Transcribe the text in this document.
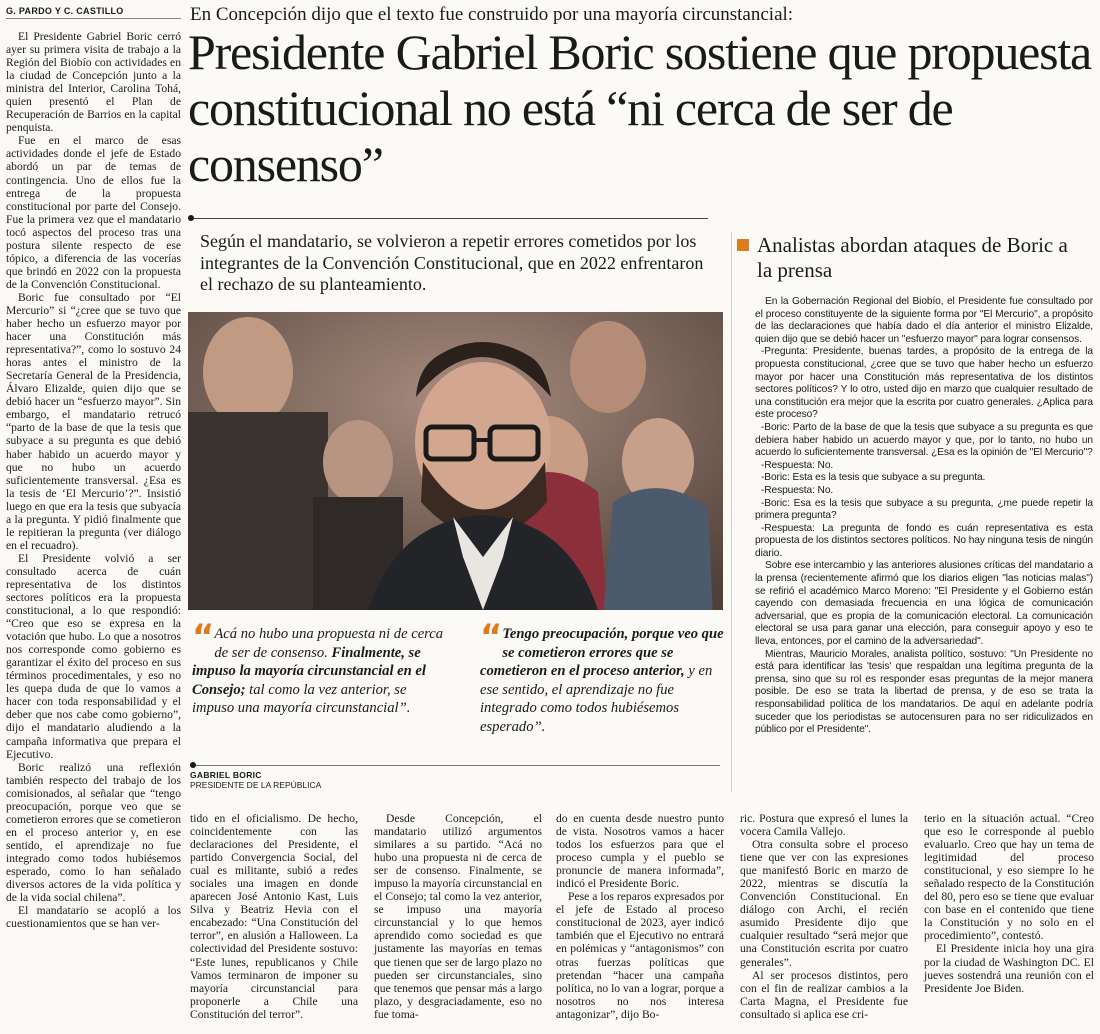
G. PARDO Y C. CASTILLO

El Presidente Gabriel Boric cerró ayer su primera visita de trabajo a la Región del Biobío con actividades en la ciudad de Concepción junto a la ministra del Interior, Carolina Tohá, quien presentó el Plan de Recuperación de Barrios en la capital penquista.

Fue en el marco de esas actividades donde el jefe de Estado abordó un par de temas de contingencia. Uno de ellos fue la entrega de la propuesta constitucional por parte del Consejo. Fue la primera vez que el mandatario tocó aspectos del proceso tras una postura silente respecto de ese tópico, a diferencia de las vocerías que brindó en 2022 con la propuesta de la Convención Constitucional.

Boric fue consultado por “El Mercurio” si “¿cree que se tuvo que haber hecho un esfuerzo mayor por hacer una Constitución más representativa?”, como lo sostuvo 24 horas antes el ministro de la Secretaría General de la Presidencia, Álvaro Elizalde, quien dijo que se debió hacer un “esfuerzo mayor”. Sin embargo, el mandatario retrucó “parto de la base de que la tesis que subyace a su pregunta es que debió haber habido un acuerdo mayor y que no hubo un acuerdo suficientemente transversal. ¿Esa es la tesis de ‘El Mercurio’?”. Insistió luego en que era la tesis que subyacía a la pregunta. Y pidió finalmente que le repitieran la pregunta (ver diálogo en el recuadro).

El Presidente volvió a ser consultado acerca de cuán representativa de los distintos sectores políticos era la propuesta constitucional, a lo que respondió: “Creo que eso se expresa en la votación que hubo. Lo que a nosotros nos corresponde como gobierno es garantizar el éxito del proceso en sus términos procedimentales, y eso no les quepa duda de que lo vamos a hacer con toda responsabilidad y el deber que nos cabe como gobierno”, dijo el mandatario aludiendo a la campaña informativa que prepara el Ejecutivo.

Boric realizó una reflexión también respecto del trabajo de los comisionados, al señalar que “tengo preocupación, porque veo que se cometieron errores que se cometieron en el proceso anterior y, en ese sentido, el aprendizaje no fue integrado como todos hubiésemos esperado, como lo han señalado diversos actores de la vida política y de la vida social chilena”.

El mandatario se acopló a los cuestionamientos que se han ver-

En Concepción dijo que el texto fue construido por una mayoría circunstancial:
Presidente Gabriel Boric sostiene que propuesta constitucional no está “ni cerca de ser de consenso”
Según el mandatario, se volvieron a repetir errores cometidos por los integrantes de la Convención Constitucional, que en 2022 enfrentaron el rechazo de su planteamiento.
“ Acá no hubo una propuesta ni de cerca de ser de consenso. Finalmente, se impuso la mayoría circunstancial en el Consejo; tal como la vez anterior, se impuso una mayoría circunstancial”.
“ Tengo preocupación, porque veo que se cometieron errores que se cometieron en el proceso anterior, y en ese sentido, el aprendizaje no fue integrado como todos hubiésemos esperado”.
GABRIEL BORIC
PRESIDENTE DE LA REPÚBLICA

tido en el oficialismo. De hecho, coincidentemente con las declaraciones del Presidente, el partido Convergencia Social, del cual es militante, subió a redes sociales una imagen en donde aparecen José Antonio Kast, Luis Silva y Beatriz Hevia con el encabezado: “Una Constitución del terror”, en alusión a Halloween. La colectividad del Presidente sostuvo: “Este lunes, republicanos y Chile Vamos terminaron de imponer su mayoría circunstancial para proponerle a Chile una Constitución del terror”.

Desde Concepción, el mandatario utilizó argumentos similares a su partido. “Acá no hubo una propuesta ni de cerca de ser de consenso. Finalmente, se impuso la mayoría circunstancial en el Consejo; tal como la vez anterior, se impuso una mayoría circunstancial y lo que hemos aprendido como sociedad es que justamente las mayorías en temas que tienen que ser de largo plazo no pueden ser circunstanciales, sino que tenemos que pensar más a largo plazo, y desgraciadamente, eso no fue toma-

do en cuenta desde nuestro punto de vista. Nosotros vamos a hacer todos los esfuerzos para que el proceso cumpla y el pueblo se pronuncie de manera informada”, indicó el Presidente Boric.

Pese a los reparos expresados por el jefe de Estado al proceso constitucional de 2023, ayer indicó también que el Ejecutivo no entrará en polémicas y “antagonismos” con otras fuerzas políticas que pretendan “hacer una campaña política, no lo van a lograr, porque a nosotros no nos interesa antagonizar”, dijo Bo-

ric. Postura que expresó el lunes la vocera Camila Vallejo.

Otra consulta sobre el proceso tiene que ver con las expresiones que manifestó Boric en marzo de 2022, mientras se discutía la Convención Constitucional. En diálogo con Archi, el recién asumido Presidente dijo que cualquier resultado “será mejor que una Constitución escrita por cuatro generales”.

Al ser procesos distintos, pero con el fin de realizar cambios a la Carta Magna, el Presidente fue consultado si aplica ese cri-

terio en la situación actual. “Creo que eso le corresponde al pueblo evaluarlo. Creo que hay un tema de legitimidad del proceso constitucional, y eso siempre lo he señalado respecto de la Constitución del 80, pero eso se tiene que evaluar con base en el contenido que tiene la Constitución y no solo en el procedimiento”, contestó.

El Presidente inicia hoy una gira por la ciudad de Washington DC. El jueves sostendrá una reunión con el Presidente Joe Biden.

Analistas abordan ataques de Boric a la prensa

En la Gobernación Regional del Biobío, el Presidente fue consultado por el proceso constituyente de la siguiente forma por "El Mercurio", a propósito de las declaraciones que había dado el día anterior el ministro Elizalde, quien dijo que se debió hacer un "esfuerzo mayor" para lograr consensos.

-Pregunta: Presidente, buenas tardes, a propósito de la entrega de la propuesta constitucional, ¿cree que se tuvo que haber hecho un esfuerzo mayor por hacer una Constitución más representativa de los distintos sectores políticos? Y lo otro, usted dijo en marzo que cualquier resultado de una constitución era mejor que la escrita por cuatro generales. ¿Aplica para este proceso?

-Boric: Parto de la base de que la tesis que subyace a su pregunta es que debiera haber habido un acuerdo mayor y que, por lo tanto, no hubo un acuerdo lo suficientemente transversal. ¿Esa es la opinión de "El Mercurio"?

-Respuesta: No.

-Boric: Esta es la tesis que subyace a su pregunta.

-Respuesta: No.

-Boric: Esa es la tesis que subyace a su pregunta, ¿me puede repetir la primera pregunta?

-Respuesta: La pregunta de fondo es cuán representativa es esta propuesta de los distintos sectores políticos. No hay ninguna tesis de ningún diario.

Sobre ese intercambio y las anteriores alusiones críticas del mandatario a la prensa (recientemente afirmó que los diarios eligen "las noticias malas") se refirió el académico Marco Moreno: "El Presidente y el Gobierno están cayendo con demasiada frecuencia en una lógica de comunicación adversarial, que es propia de la comunicación electoral. La comunicación electoral se usa para ganar una elección, para conseguir apoyo y eso te lleva, entonces, por el camino de la adversariedad".

Mientras, Mauricio Morales, analista político, sostuvo: "Un Presidente no está para identificar las 'tesis' que respaldan una legítima pregunta de la prensa, sino que su rol es responder esas preguntas de la mejor manera posible. De eso se trata la libertad de prensa, y de eso se trata la responsabilidad política de los mandatarios. De aquí en adelante podría suceder que los periodistas se autocensuren para no ser ridiculizados en público por el Presidente".
